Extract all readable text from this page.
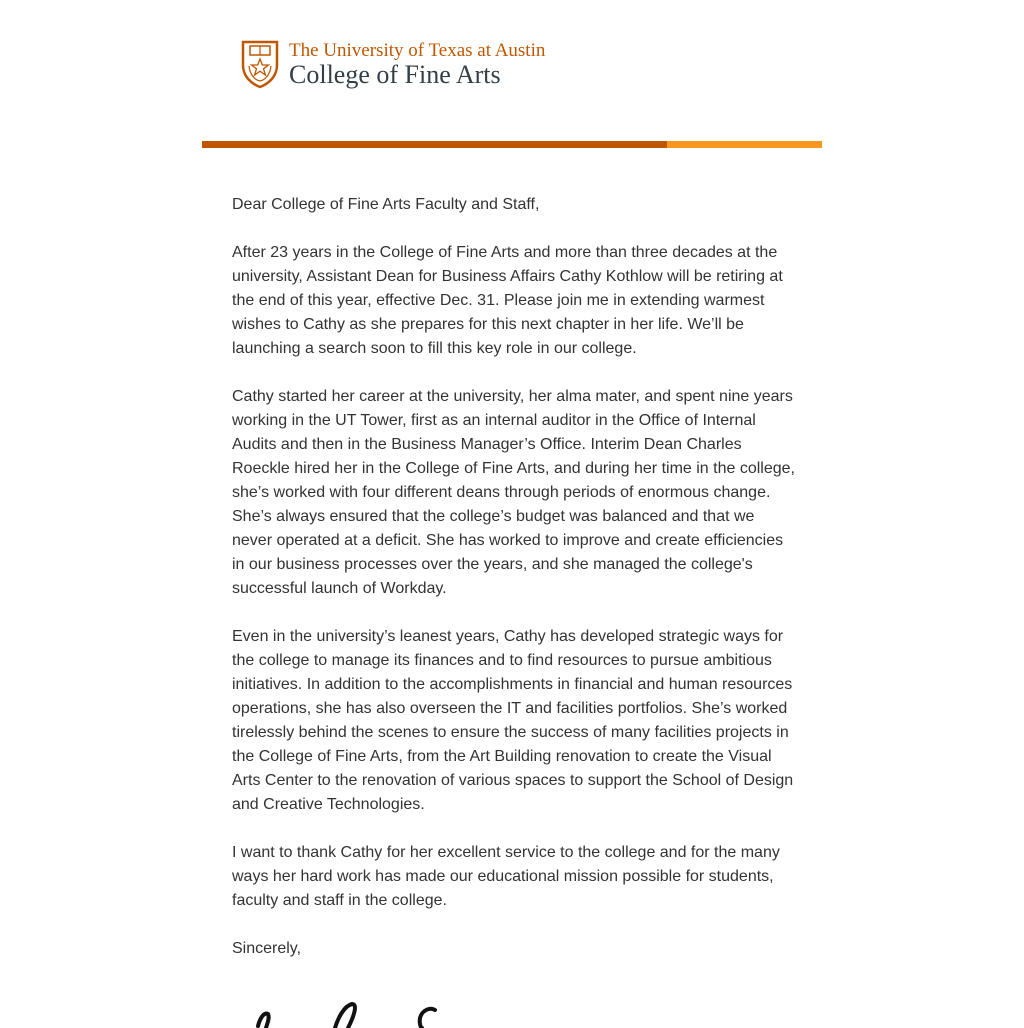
The University of Texas at Austin
College of Fine Arts

Dear College of Fine Arts Faculty and Staff,

After 23 years in the College of Fine Arts and more than three decades at the university, Assistant Dean for Business Affairs Cathy Kothlow will be retiring at the end of this year, effective Dec. 31. Please join me in extending warmest wishes to Cathy as she prepares for this next chapter in her life. We’ll be launching a search soon to fill this key role in our college.

Cathy started her career at the university, her alma mater, and spent nine years working in the UT Tower, first as an internal auditor in the Office of Internal Audits and then in the Business Manager’s Office. Interim Dean Charles Roeckle hired her in the College of Fine Arts, and during her time in the college, she’s worked with four different deans through periods of enormous change. She’s always ensured that the college’s budget was balanced and that we never operated at a deficit. She has worked to improve and create efficiencies in our business processes over the years, and she managed the college's successful launch of Workday.

Even in the university’s leanest years, Cathy has developed strategic ways for the college to manage its finances and to find resources to pursue ambitious initiatives. In addition to the accomplishments in financial and human resources operations, she has also overseen the IT and facilities portfolios. She’s worked tirelessly behind the scenes to ensure the success of many facilities projects in the College of Fine Arts, from the Art Building renovation to create the Visual Arts Center to the renovation of various spaces to support the School of Design and Creative Technologies.

I want to thank Cathy for her excellent service to the college and for the many ways her hard work has made our educational mission possible for students, faculty and staff in the college.

Sincerely,
